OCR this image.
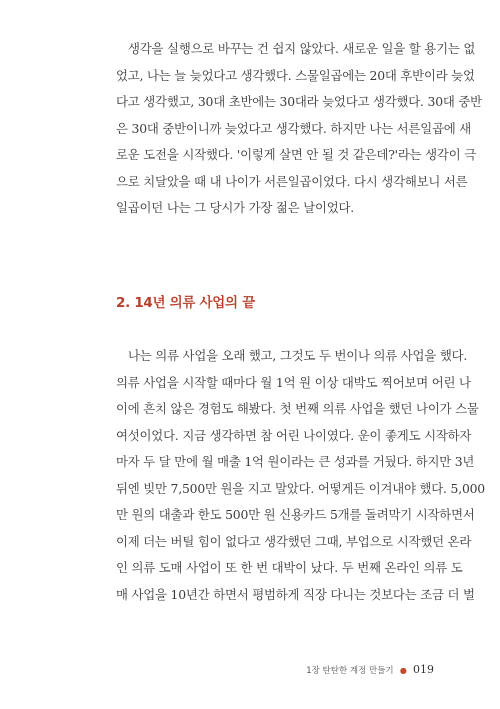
생각을 실행으로 바꾸는 건 쉽지 않았다. 새로운 일을 할 용기는 없
었고, 나는 늘 늦었다고 생각했다. 스물일곱에는 20대 후반이라 늦었
다고 생각했고, 30대 초반에는 30대라 늦었다고 생각했다. 30대 중반
은 30대 중반이니까 늦었다고 생각했다. 하지만 나는 서른일곱에 새
로운 도전을 시작했다. '이렇게 살면 안 될 것 같은데?'라는 생각이 극
으로 치달았을 때 내 나이가 서른일곱이었다. 다시 생각해보니 서른
일곱이던 나는 그 당시가 가장 젊은 날이었다.
2. 14년 의류 사업의 끝
나는 의류 사업을 오래 했고, 그것도 두 번이나 의류 사업을 했다.
의류 사업을 시작할 때마다 월 1억 원 이상 대박도 찍어보며 어린 나
이에 흔치 않은 경험도 해봤다. 첫 번째 의류 사업을 했던 나이가 스물
여섯이었다. 지금 생각하면 참 어린 나이였다. 운이 좋게도 시작하자
마자 두 달 만에 월 매출 1억 원이라는 큰 성과를 거뒀다. 하지만 3년
뒤엔 빚만 7,500만 원을 지고 말았다. 어떻게든 이겨내야 했다. 5,000
만 원의 대출과 한도 500만 원 신용카드 5개를 돌려막기 시작하면서
이제 더는 버틸 힘이 없다고 생각했던 그때, 부업으로 시작했던 온라
인 의류 도매 사업이 또 한 번 대박이 났다. 두 번째 온라인 의류 도
매 사업을 10년간 하면서 평범하게 직장 다니는 것보다는 조금 더 벌
1장 탄탄한 계정 만들기 ● 019
